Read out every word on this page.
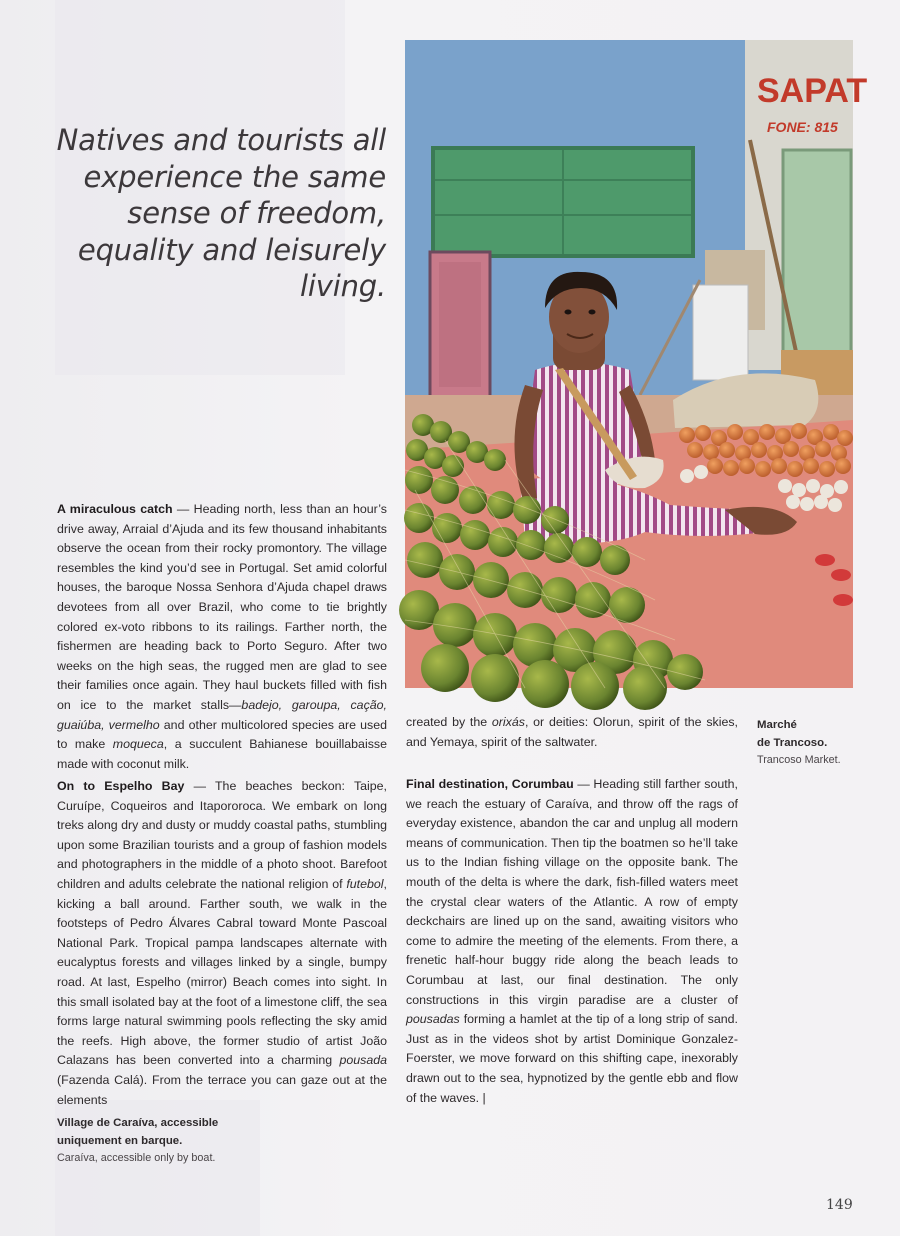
Natives and tourists all experience the same sense of freedom, equality and leisurely living.
SAPAT
FONE: 815
Marché
de Trancoso.
Trancoso Market.

A miraculous catch — Heading north, less than an hour’s drive away, Arraial d’Ajuda and its few thousand inhabitants observe the ocean from their rocky promontory. The village resembles the kind you’d see in Portugal. Set amid colorful houses, the baroque Nossa Senhora d’Ajuda chapel draws devotees from all over Brazil, who come to tie brightly colored ex-voto ribbons to its railings. Farther north, the fishermen are heading back to Porto Seguro. After two weeks on the high seas, the rugged men are glad to see their families once again. They haul buckets filled with fish on ice to the market stalls—badejo, garoupa, cação, guaiúba, vermelho and other multicolored species are used to make moqueca, a succulent Bahianese bouillabaisse made with coconut milk.

On to Espelho Bay — The beaches beckon: Taipe, Curuípe, Coqueiros and Itapororoca. We embark on long treks along dry and dusty or muddy coastal paths, stumbling upon some Brazilian tourists and a group of fashion models and photographers in the middle of a photo shoot. Barefoot children and adults celebrate the national religion of futebol, kicking a ball around. Farther south, we walk in the footsteps of Pedro Álvares Cabral toward Monte Pascoal National Park. Tropical pampa landscapes alternate with eucalyptus forests and villages linked by a single, bumpy road. At last, Espelho (mirror) Beach comes into sight. In this small isolated bay at the foot of a limestone cliff, the sea forms large natural swimming pools reflecting the sky amid the reefs. High above, the former studio of artist João Calazans has been converted into a charming pousada (Fazenda Calá). From the terrace you can gaze out at the elements

created by the orixás, or deities: Olorun, spirit of the skies, and Yemaya, spirit of the saltwater.

Final destination, Corumbau — Heading still farther south, we reach the estuary of Caraíva, and throw off the rags of everyday existence, abandon the car and unplug all modern means of communication. Then tip the boatmen so he’ll take us to the Indian fishing village on the opposite bank. The mouth of the delta is where the dark, fish-filled waters meet the crystal clear waters of the Atlantic. A row of empty deckchairs are lined up on the sand, awaiting visitors who come to admire the meeting of the elements. From there, a frenetic half-hour buggy ride along the beach leads to Corumbau at last, our final destination. The only constructions in this virgin paradise are a cluster of pousadas forming a hamlet at the tip of a long strip of sand. Just as in the videos shot by artist Dominique Gonzalez-Foerster, we move forward on this shifting cape, inexorably drawn out to the sea, hypnotized by the gentle ebb and flow of the waves. |

Village de Caraíva, accessible
uniquement en barque.
Caraíva, accessible only by boat.
149
